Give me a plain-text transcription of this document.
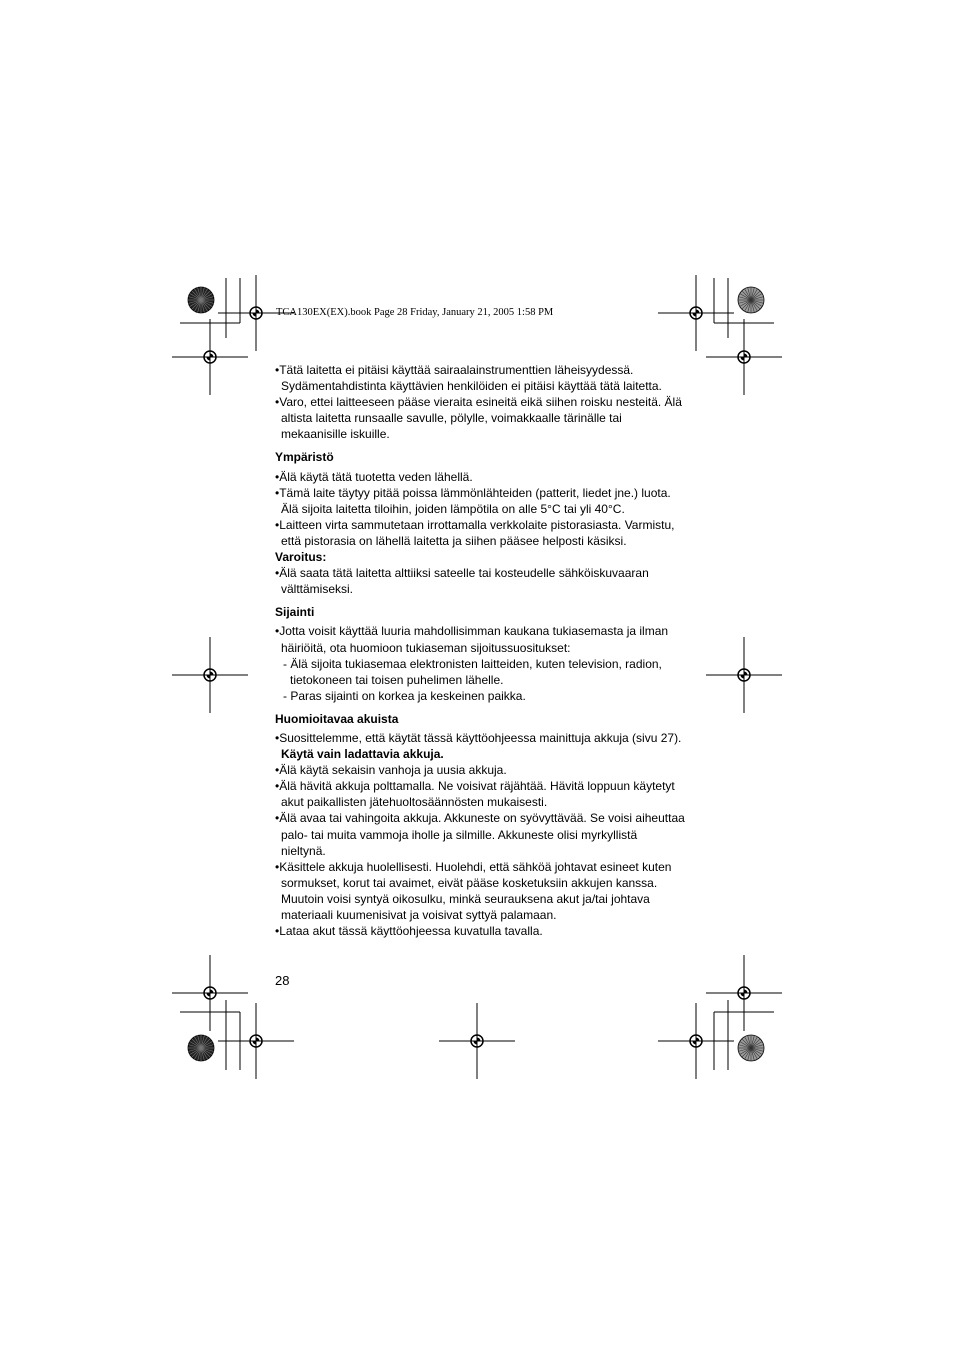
TCA130EX(EX).book Page 28 Friday, January 21, 2005 1:58 PM

•Tätä laitetta ei pitäisi käyttää sairaalainstrumenttien läheisyydessä. Sydämentahdistinta käyttävien henkilöiden ei pitäisi käyttää tätä laitetta.

•Varo, ettei laitteeseen pääse vieraita esineitä eikä siihen roisku nesteitä. Älä altista laitetta runsaalle savulle, pölylle, voimakkaalle tärinälle tai mekaanisille iskuille.

Ympäristö

•Älä käytä tätä tuotetta veden lähellä.

•Tämä laite täytyy pitää poissa lämmönlähteiden (patterit, liedet jne.) luota. Älä sijoita laitetta tiloihin, joiden lämpötila on alle 5°C tai yli 40°C.

•Laitteen virta sammutetaan irrottamalla verkkolaite pistorasiasta. Varmistu, että pistorasia on lähellä laitetta ja siihen pääsee helposti käsiksi.

Varoitus:

•Älä saata tätä laitetta alttiiksi sateelle tai kosteudelle sähköiskuvaaran välttämiseksi.

Sijainti

•Jotta voisit käyttää luuria mahdollisimman kaukana tukiasemasta ja ilman häiriöitä, ota huomioon tukiaseman sijoitussuositukset:

- Älä sijoita tukiasemaa elektronisten laitteiden, kuten television, radion, tietokoneen tai toisen puhelimen lähelle.

- Paras sijainti on korkea ja keskeinen paikka.

Huomioitavaa akuista

•Suosittelemme, että käytät tässä käyttöohjeessa mainittuja akkuja (sivu 27). Käytä vain ladattavia akkuja.

•Älä käytä sekaisin vanhoja ja uusia akkuja.

•Älä hävitä akkuja polttamalla. Ne voisivat räjähtää. Hävitä loppuun käytetyt akut paikallisten jätehuoltosäännösten mukaisesti.

•Älä avaa tai vahingoita akkuja. Akkuneste on syövyttävää. Se voisi aiheuttaa palo- tai muita vammoja iholle ja silmille. Akkuneste olisi myrkyllistä nieltynä.

•Käsittele akkuja huolellisesti. Huolehdi, että sähköä johtavat esineet kuten sormukset, korut tai avaimet, eivät pääse kosketuksiin akkujen kanssa. Muutoin voisi syntyä oikosulku, minkä seurauksena akut ja/tai johtava materiaali kuumenisivat ja voisivat syttyä palamaan.

•Lataa akut tässä käyttöohjeessa kuvatulla tavalla.

28
